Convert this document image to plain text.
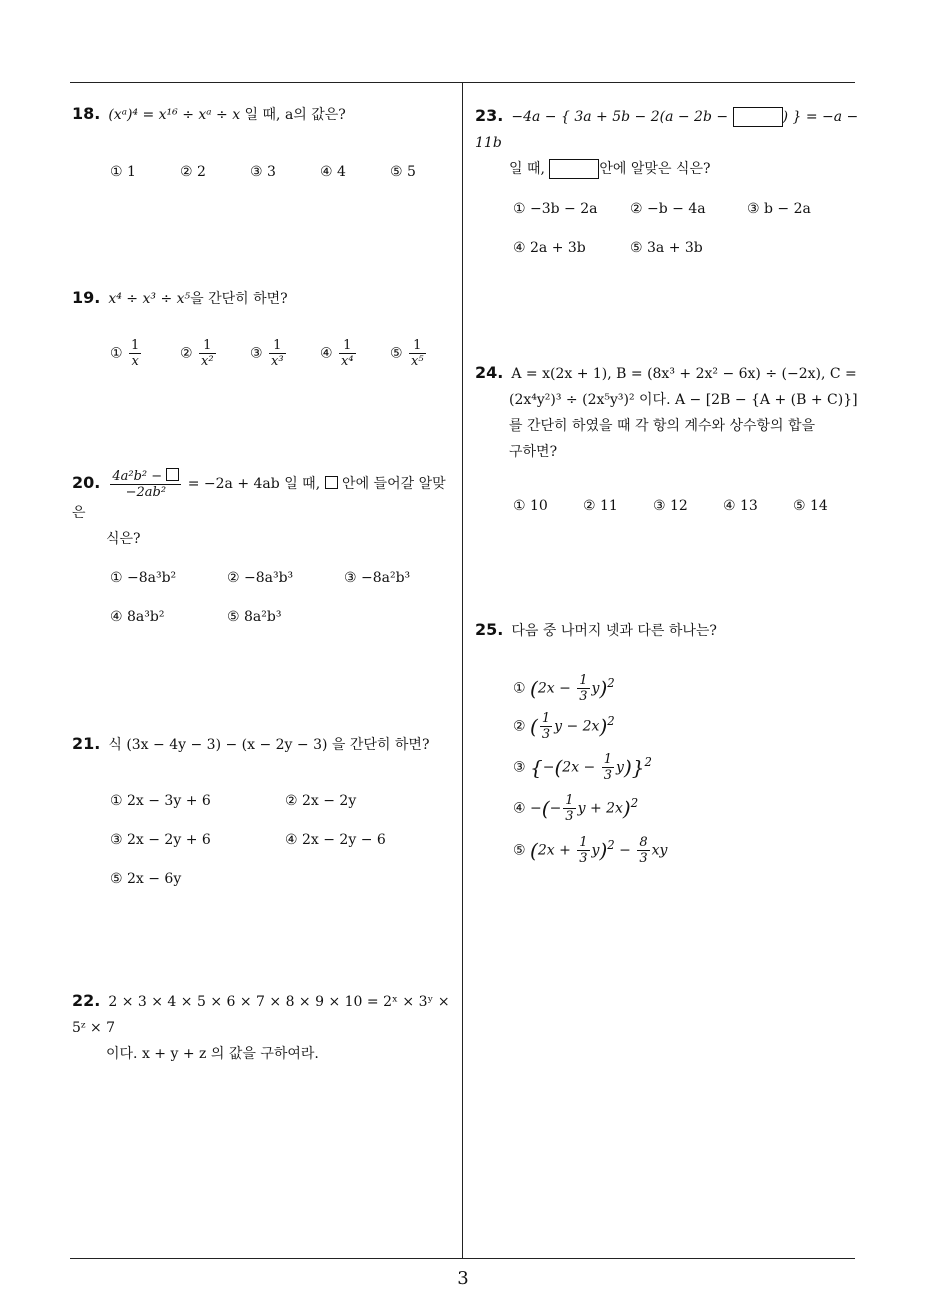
18. (xᵃ)⁴ = x¹⁶ ÷ xᵃ ÷ x 일 때, a의 값은?
① 1	② 2	③ 3	④ 4	⑤ 5
19. x⁴ ÷ x³ ÷ x⁵을 간단히 하면?
① $\frac{1}{x}$	② $\frac{1}{\text{x²}}$ ③ $\frac{1}{\text{x³}}$ ④ $\frac{1}{\text{x⁴}}$ ⑤ $\frac{1}{\text{x⁵}}$
20. $\frac{\text{4a²b² −}}{\text{−2ab²}} = -2a + 4ab$ 일 때,  안에 들어갈 알맞은
식은?
① −8a³b²	② −8a³b³	③ −8a²b³
④ 8a³b²	⑤ 8a²b³
21. 식 (3x − 4y − 3) − (x − 2y − 3) 을 간단히 하면?
① 2x − 3y + 6	② 2x − 2y
③ 2x − 2y + 6	④ 2x − 2y − 6
⑤ 2x − 6y
22. 2 × 3 × 4 × 5 × 6 × 7 × 8 × 9 × 10 = 2ˣ × 3ʸ × 5ᶻ × 7
이다. x + y + z 의 값을 구하여라.
23. −4a − { 3a + 5b − 2(a − 2b −	) } = −a − 11b
일 때,	안에 알맞은 식은?
① −3b − 2a ② −b − 4a	③ b − 2a
④ 2a + 3b	⑤ 3a + 3b
24. A = x(2x + 1), B = (8x³ + 2x² − 6x) ÷ (−2x), C =
(2x⁴y²)³ ÷ (2x⁵y³)² 이다. A − [2B − {A + (B + C)}]
를 간단히 하였을 때 각 항의 계수와 상수항의 합을
구하면?
① 10	② 11	③ 12	④ 13	⑤ 14
25. 다음 중 나머지 넷과 다른 하나는?
① $(2x - \frac{1}{3} y)^2$
② ( $\frac{1}{3}$ y − 2x)$^2$
③ $\{-(2x - \frac{1}{3} y)\}^2$
④ −(− $\frac{1}{3}$ y + 2x)$^2$
⑤ $(2x + \frac{1}{3} y)^2 - \frac{8}{3}$ xy
3
